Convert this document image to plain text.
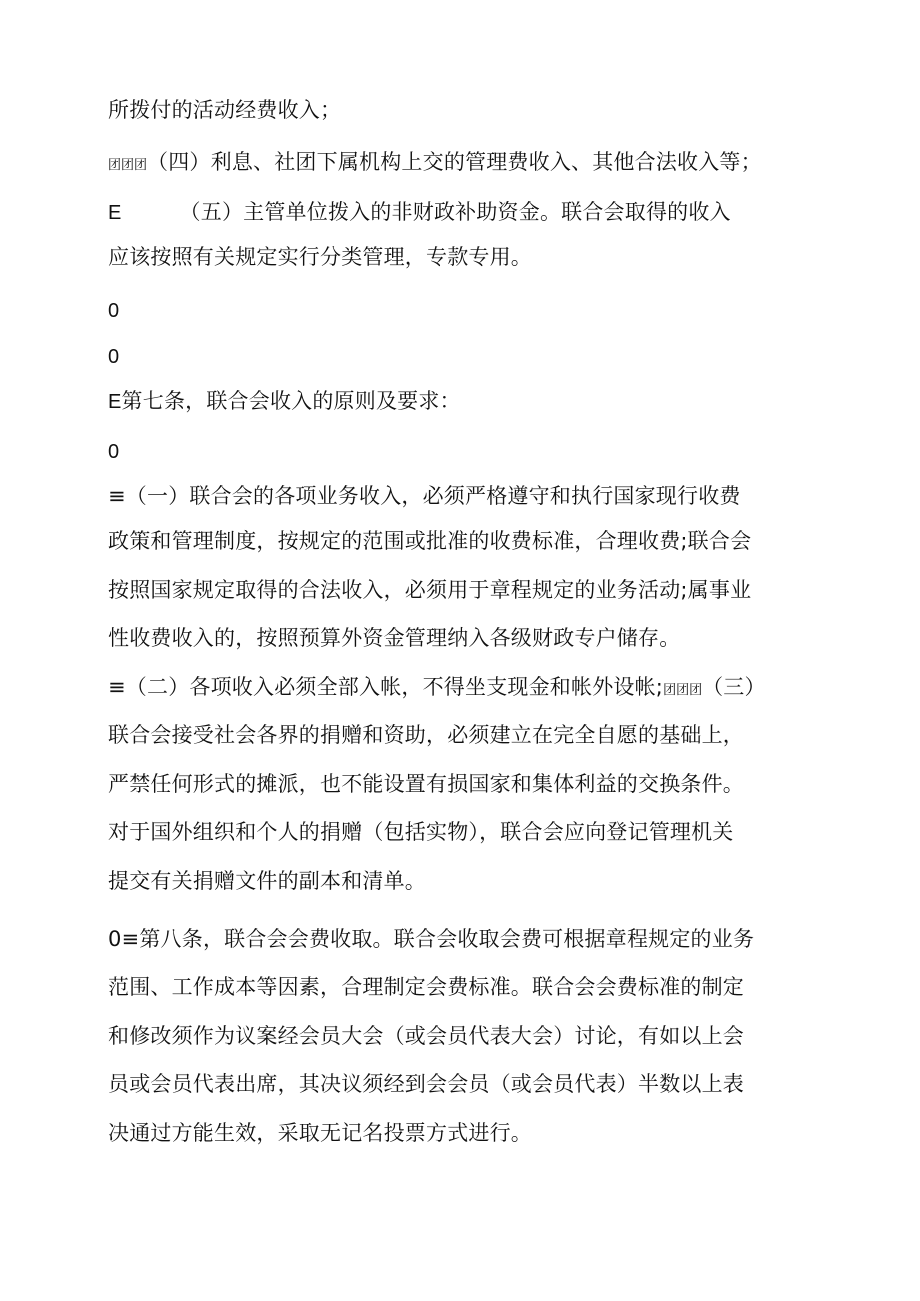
所拨付的活动经费收入；
团团团（四）利息、社团下属机构上交的管理费收入、其他合法收入等；
E	（五）主管单位拨入的非财政补助资金。联合会取得的收入
应该按照有关规定实行分类管理，专款专用。
0
0
E第七条，联合会收入的原则及要求：
0
≡（一）联合会的各项业务收入，必须严格遵守和执行国家现行收费
政策和管理制度，按规定的范围或批准的收费标准，合理收费;联合会
按照国家规定取得的合法收入，必须用于章程规定的业务活动;属事业
性收费收入的，按照预算外资金管理纳入各级财政专户储存。
≡（二）各项收入必须全部入帐，不得坐支现金和帐外设帐;团团团（三）
联合会接受社会各界的捐赠和资助，必须建立在完全自愿的基础上，
严禁任何形式的摊派，也不能设置有损国家和集体利益的交换条件。
对于国外组织和个人的捐赠（包括实物），联合会应向登记管理机关
提交有关捐赠文件的副本和清单。
0≡第八条，联合会会费收取。联合会收取会费可根据章程规定的业务
范围、工作成本等因素，合理制定会费标准。联合会会费标准的制定
和修改须作为议案经会员大会（或会员代表大会）讨论，有如以上会
员或会员代表出席，其决议须经到会会员（或会员代表）半数以上表
决通过方能生效，采取无记名投票方式进行。
